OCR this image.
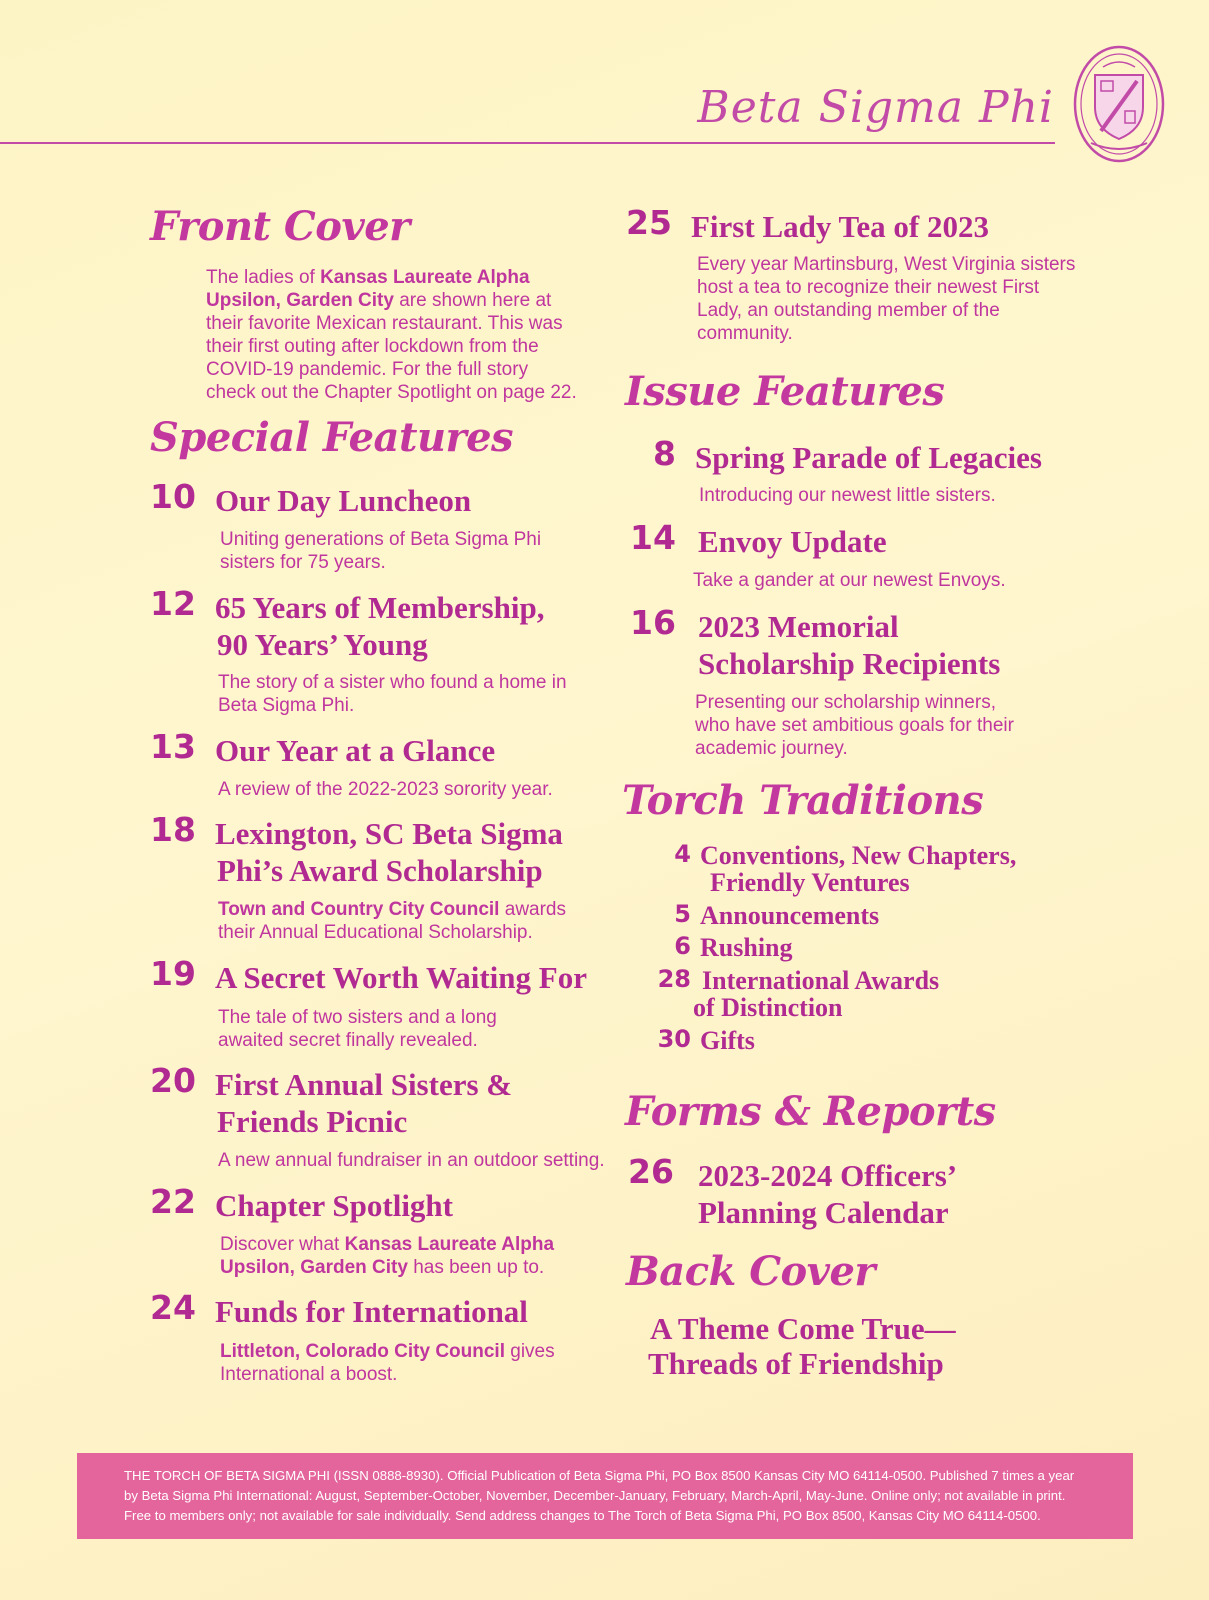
Beta Sigma Phi
Front Cover
The ladies of Kansas Laureate Alpha Upsilon, Garden City are shown here at their favorite Mexican restaurant. This was their first outing after lockdown from the COVID-19 pandemic. For the full story check out the Chapter Spotlight on page 22.
Special Features
10 Our Day Luncheon
Uniting generations of Beta Sigma Phi sisters for 75 years.
12 65 Years of Membership,
90 Years’ Young
The story of a sister who found a home in Beta Sigma Phi.
13 Our Year at a Glance
A review of the 2022-2023 sorority year.
18 Lexington, SC Beta Sigma
Phi’s Award Scholarship
Town and Country City Council awards their Annual Educational Scholarship.
19 A Secret Worth Waiting For
The tale of two sisters and a long awaited secret finally revealed.
20 First Annual Sisters &
Friends Picnic
A new annual fundraiser in an outdoor setting.
22 Chapter Spotlight
Discover what Kansas Laureate Alpha Upsilon, Garden City has been up to.
24 Funds for International
Littleton, Colorado City Council gives International a boost.
25 First Lady Tea of 2023
Every year Martinsburg, West Virginia sisters host a tea to recognize their newest First Lady, an outstanding member of the community.
Issue Features
8 Spring Parade of Legacies
Introducing our newest little sisters.
14 Envoy Update
Take a gander at our newest Envoys.
16 2023 Memorial
Scholarship Recipients
Presenting our scholarship winners, who have set ambitious goals for their academic journey.
Torch Traditions
4 Conventions, New Chapters,
Friendly Ventures
5 Announcements
6 Rushing
28 International Awards
of Distinction
30 Gifts
Forms & Reports
26 2023-2024 Officers’
Planning Calendar
Back Cover
A Theme Come True—
Threads of Friendship

THE TORCH OF BETA SIGMA PHI (ISSN 0888-8930). Official Publication of Beta Sigma Phi, PO Box 8500 Kansas City MO 64114-0500. Published 7 times a year

by Beta Sigma Phi International: August, September-October, November, December-January, February, March-April, May-June. Online only; not available in print.

Free to members only; not available for sale individually. Send address changes to The Torch of Beta Sigma Phi, PO Box 8500, Kansas City MO 64114-0500.
